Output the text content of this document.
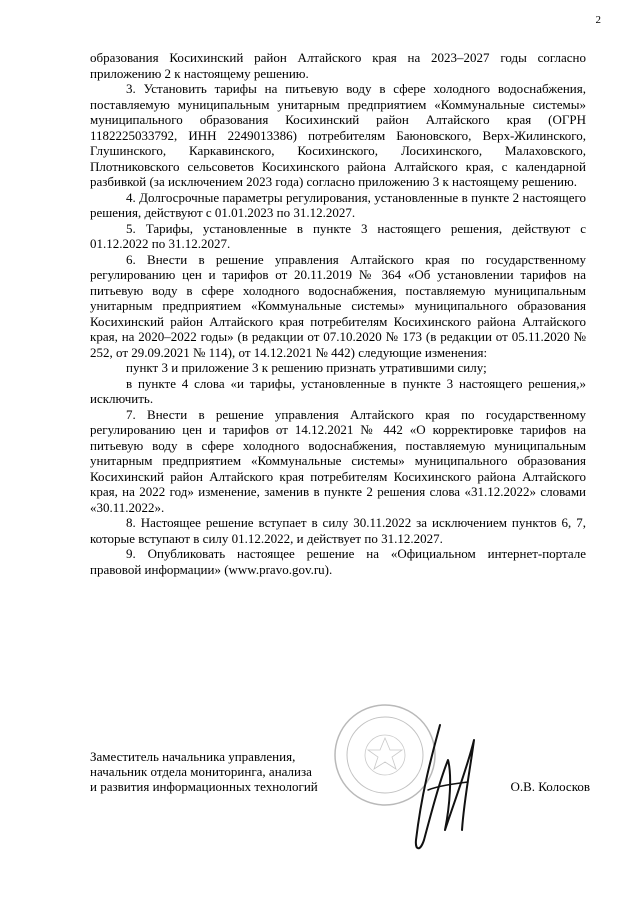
2

образования Косихинский район Алтайского края на 2023–2027 годы согласно приложению 2 к настоящему решению.

3. Установить тарифы на питьевую воду в сфере холодного водоснабжения, поставляемую муниципальным унитарным предприятием «Коммунальные системы» муниципального образования Косихинский район Алтайского края (ОГРН 1182225033792, ИНН 2249013386) потребителям Баюновского, Верх-Жилинского, Глушинского, Каркавинского, Косихинского, Лосихинского, Малаховского, Плотниковского сельсоветов Косихинского района Алтайского края, с календарной разбивкой (за исключением 2023 года) согласно приложению 3 к настоящему решению.

4. Долгосрочные параметры регулирования, установленные в пункте 2 настоящего решения, действуют с 01.01.2023 по 31.12.2027.

5. Тарифы, установленные в пункте 3 настоящего решения, действуют с 01.12.2022 по 31.12.2027.

6. Внести в решение управления Алтайского края по государственному регулированию цен и тарифов от 20.11.2019 № 364 «Об установлении тарифов на питьевую воду в сфере холодного водоснабжения, поставляемую муниципальным унитарным предприятием «Коммунальные системы» муниципального образования Косихинский район Алтайского края потребителям Косихинского района Алтайского края, на 2020–2022 годы» (в редакции от 07.10.2020 № 173 (в редакции от 05.11.2020 № 252, от 29.09.2021 № 114), от 14.12.2021 № 442) следующие изменения:

пункт 3 и приложение 3 к решению признать утратившими силу;

в пункте 4 слова «и тарифы, установленные в пункте 3 настоящего решения,» исключить.

7. Внести в решение управления Алтайского края по государственному регулированию цен и тарифов от 14.12.2021 № 442 «О корректировке тарифов на питьевую воду в сфере холодного водоснабжения, поставляемую муниципальным унитарным предприятием «Коммунальные системы» муниципального образования Косихинский район Алтайского края потребителям Косихинского района Алтайского края, на 2022 год» изменение, заменив в пункте 2 решения слова «31.12.2022» словами «30.11.2022».

8. Настоящее решение вступает в силу 30.11.2022 за исключением пунктов 6, 7, которые вступают в силу 01.12.2022, и действует по 31.12.2027.

9. Опубликовать настоящее решение на «Официальном интернет-портале правовой информации» (www.pravo.gov.ru).

Заместитель начальника управления,
начальник отдела мониторинга, анализа
и развития информационных технологий	О.В. Колосков
